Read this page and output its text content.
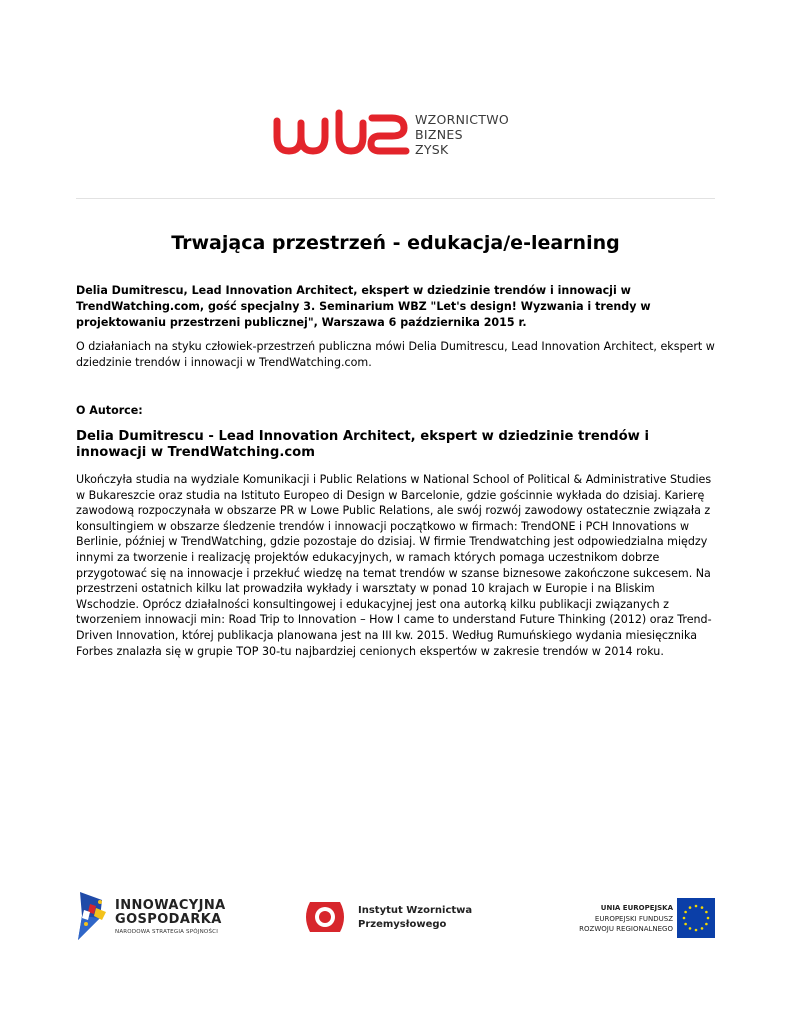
WZORNICTWO
BIZNES
ZYSK
Trwająca przestrzeń - edukacja/e-learning

Delia Dumitrescu, Lead Innovation Architect, ekspert w dziedzinie trendów i innowacji w TrendWatching.com, gość specjalny 3. Seminarium WBZ "Let's design! Wyzwania i trendy w projektowaniu przestrzeni publicznej", Warszawa 6 października 2015 r.

O działaniach na styku człowiek-przestrzeń publiczna mówi Delia Dumitrescu, Lead Innovation Architect, ekspert w dziedzinie trendów i innowacji w TrendWatching.com.

O Autorce:
Delia Dumitrescu - Lead Innovation Architect, ekspert w dziedzinie trendów i innowacji w TrendWatching.com

Ukończyła studia na wydziale Komunikacji i Public Relations w National School of Political & Administrative Studies w Bukareszcie oraz studia na Istituto Europeo di Design w Barcelonie, gdzie gościnnie wykłada do dzisiaj. Karierę zawodową rozpoczynała w obszarze PR w Lowe Public Relations, ale swój rozwój zawodowy ostatecznie związała z konsultingiem w obszarze śledzenie trendów i innowacji początkowo w firmach: TrendONE i PCH Innovations w Berlinie, później w TrendWatching, gdzie pozostaje do dzisiaj. W firmie Trendwatching jest odpowiedzialna między innymi za tworzenie i realizację projektów edukacyjnych, w ramach których pomaga uczestnikom dobrze przygotować się na innowacje i przekłuć wiedzę na temat trendów w szanse biznesowe zakończone sukcesem. Na przestrzeni ostatnich kilku lat prowadziła wykłady i warsztaty w ponad 10 krajach w Europie i na Bliskim Wschodzie. Oprócz działalności konsultingowej i edukacyjnej jest ona autorką kilku publikacji związanych z tworzeniem innowacji min: Road Trip to Innovation – How I came to understand Future Thinking (2012) oraz Trend-Driven Innovation, której publikacja planowana jest na III kw. 2015. Według Rumuńskiego wydania miesięcznika Forbes znalazła się w grupie TOP 30-tu najbardziej cenionych ekspertów w zakresie trendów w 2014 roku.

INNOWACYJNA
GOSPODARKA
NARODOWA STRATEGIA SPÓJNOŚCI
Instytut Wzornictwa
Przemysłowego
UNIA EUROPEJSKA
EUROPEJSKI FUNDUSZ
ROZWOJU REGIONALNEGO
